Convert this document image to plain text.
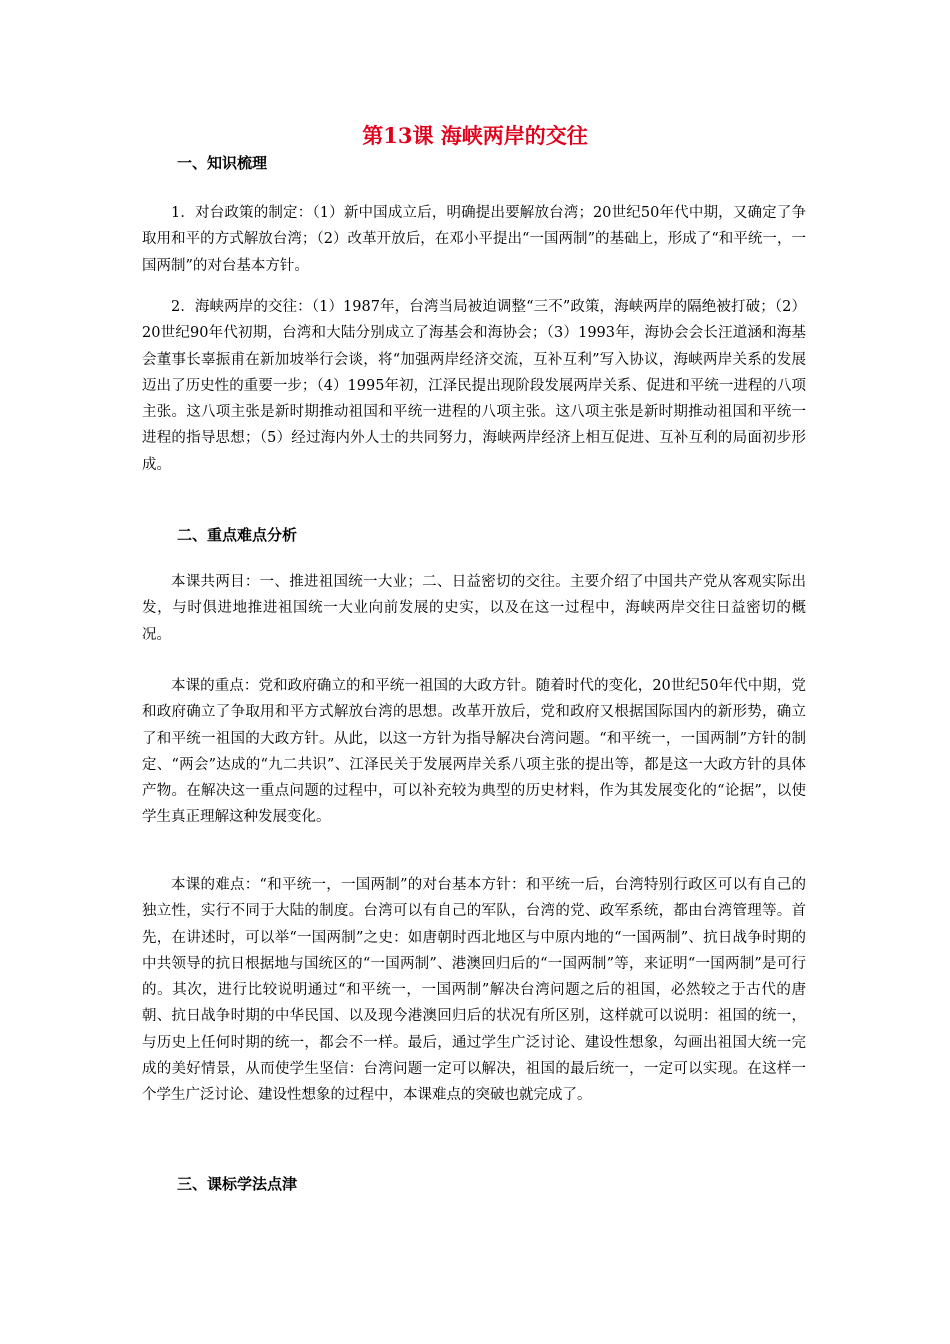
第13课 海峡两岸的交往
一、知识梳理

1．对台政策的制定：（1）新中国成立后，明确提出要解放台湾；20世纪50年代中期，又确定了争取用和平的方式解放台湾；（2）改革开放后，在邓小平提出“一国两制”的基础上，形成了“和平统一，一国两制”的对台基本方针。

2．海峡两岸的交往：（1）1987年，台湾当局被迫调整“三不”政策，海峡两岸的隔绝被打破；（2）20世纪90年代初期，台湾和大陆分别成立了海基会和海协会；（3）1993年，海协会会长汪道涵和海基会董事长辜振甫在新加坡举行会谈，将“加强两岸经济交流，互补互利”写入协议，海峡两岸关系的发展迈出了历史性的重要一步；（4）1995年初，江泽民提出现阶段发展两岸关系、促进和平统一进程的八项主张。这八项主张是新时期推动祖国和平统一进程的八项主张。这八项主张是新时期推动祖国和平统一进程的指导思想；（5）经过海内外人士的共同努力，海峡两岸经济上相互促进、互补互利的局面初步形成。

二、重点难点分析

本课共两目：一、推进祖国统一大业；二、日益密切的交往。主要介绍了中国共产党从客观实际出发，与时俱进地推进祖国统一大业向前发展的史实，以及在这一过程中，海峡两岸交往日益密切的概况。

本课的重点：党和政府确立的和平统一祖国的大政方针。随着时代的变化，20世纪50年代中期，党和政府确立了争取用和平方式解放台湾的思想。改革开放后，党和政府又根据国际国内的新形势，确立了和平统一祖国的大政方针。从此，以这一方针为指导解决台湾问题。“和平统一，一国两制”方针的制定、“两会”达成的“九二共识”、江泽民关于发展两岸关系八项主张的提出等，都是这一大政方针的具体产物。在解决这一重点问题的过程中，可以补充较为典型的历史材料，作为其发展变化的“论据”，以使学生真正理解这种发展变化。

本课的难点：“和平统一，一国两制”的对台基本方针：和平统一后，台湾特别行政区可以有自己的独立性，实行不同于大陆的制度。台湾可以有自己的军队，台湾的党、政军系统，都由台湾管理等。首先，在讲述时，可以举“一国两制”之史：如唐朝时西北地区与中原内地的“一国两制”、抗日战争时期的中共领导的抗日根据地与国统区的“一国两制”、港澳回归后的“一国两制”等，来证明“一国两制”是可行的。其次，进行比较说明通过“和平统一，一国两制”解决台湾问题之后的祖国，必然较之于古代的唐朝、抗日战争时期的中华民国、以及现今港澳回归后的状况有所区别，这样就可以说明：祖国的统一，与历史上任何时期的统一，都会不一样。最后，通过学生广泛讨论、建设性想象，勾画出祖国大统一完成的美好情景，从而使学生坚信：台湾问题一定可以解决，祖国的最后统一，一定可以实现。在这样一个学生广泛讨论、建设性想象的过程中，本课难点的突破也就完成了。

三、课标学法点津
